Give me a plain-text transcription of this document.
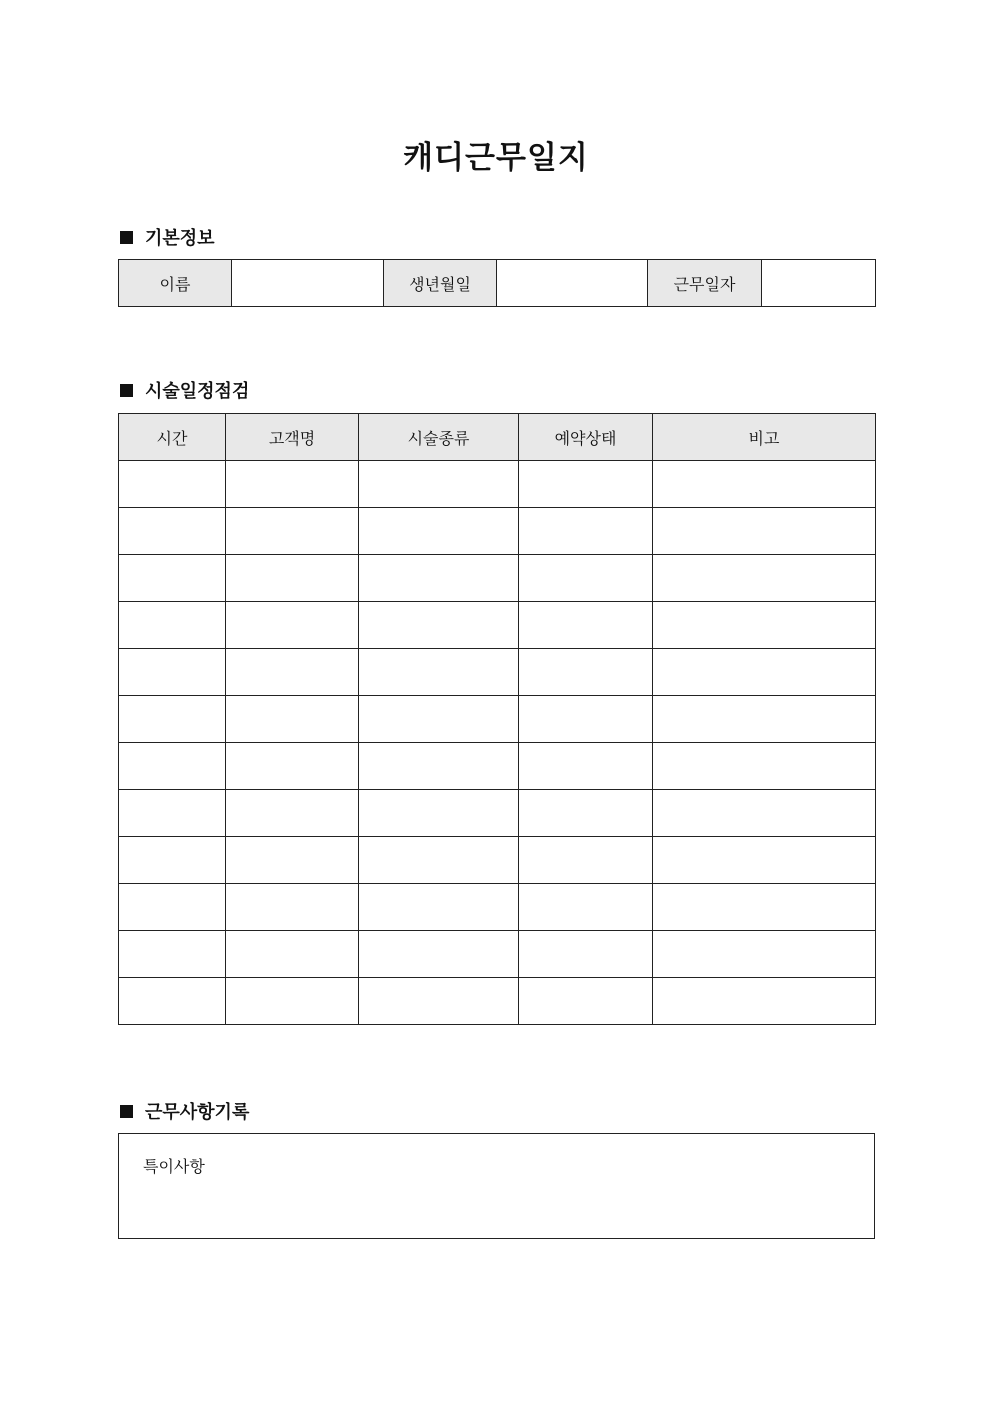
캐디근무일지
기본정보
이름		생년월일		근무일자	
시술일정점검
시간	고객명	시술종류	예약상태	비고

근무사항기록
특이사항
